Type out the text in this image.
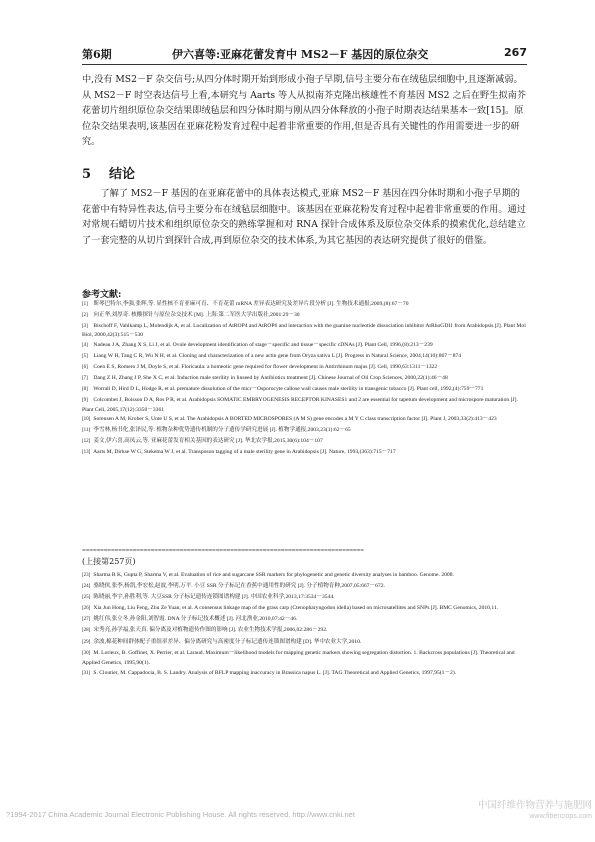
第6期	伊六喜等:亚麻花蕾发育中 MS2－F 基因的原位杂交	267

中,没有 MS2－F 杂交信号;从四分体时期开始到形成小孢子早期,信号主要分布在绒毡层细胞中,且逐渐减弱。从 MS2－F 时空表达信号上看,本研究与 Aarts 等人从拟南芥克隆出核雄性不育基因 MS2 之后在野生拟南芥花蕾切片组织原位杂交结果即绒毡层和四分体时期与刚从四分体释放的小孢子时期表达结果基本一致[15]。原位杂交结果表明,该基因在亚麻花粉发育过程中起着非常重要的作用,但是否具有关键性的作用需要进一步的研究。

5 结论

了解了 MS2－F 基因的在亚麻花蕾中的具体表达模式,亚麻 MS2－F 基因在四分体时期和小孢子早期的花蕾中有特异性表达,信号主要分布在绒毡层细胞中。该基因在亚麻花粉发育过程中起着非常重要的作用。通过对常规石蜡切片技术和组织原位杂交的熟练掌握和对 RNA 探针合成体系及原位杂交体系的摸索优化,总结建立了一套完整的从切片到探针合成,再到原位杂交的技术体系,为其它基因的表达研究提供了很好的借鉴。

参考文献:
[1] 斯琴巴特尔,李强,张辉,等. 显性核不育亚麻可育、不育花蕾 mRNA 差异表达研究及差异片段分析 [J]. 生物技术通报,2009,(8):67－70
[2] 向正华,刘厚奇. 核酸探针与原位杂交技术 [M]. 上海:第二军医大学出版社,2001:29－30
[3] Bischoff F, Vahlkamp L, Molendijk A, et al. Localization of AtROP4 and AtROP6 and interaction with the guanine nucleotide dissociation inhibitor AtRhoGDI1 from Arabidopsis [J]. Plant Mol Biol, 2000,42(3):515－530
[4] Nadeau J A, Zhang X S, Li J, et al. Ovule development identification of stage－specific and tissue－specific cDNAs [J]. Plant Cell, 1996,(8):213－239
[5] Liang W H, Tang C R, Wu N H, et al. Cloning and characterization of a new actin gene from Oryza sativa L [J]. Progress in Natural Science, 2004,14(10):867－874
[6] Coen E S, Romero J M, Doyle S, et al. Floricaula: a homeotic gene required for flower development in Antirrhinum majus [J]. Cell, 1990,63:1311－1322
[7] Dang Z H, Zhang J P, She X C, et al. Induction male sterility in linseed by Antibiotics treatment [J]. Chinese Journal of Oil Crop Sciences, 2000,22(1):46－48
[8] Worrall D, Hird D L, Hodge R, et al. premature dissolution of the micr－Osporocyte callose wall causes male sterility in transgenic tobacco [J]. Plant cell, 1992,(4):759－771
[9] Colcombet J, Boisson D A, Ros P R, et al. Arabidopsis SOMATIC EMBRYOGENESIS RECEPTOR KINASES1 and 2 are essential for tapetum development and microspore maturation [J]. Plant Cell, 2005,17(12):3350－3361
[10] Sorensen A M, Krober S, Unte U S, et al. The Arabidopsis A BORTED MICROSPORES (A M S) gene encodes a M Y C class transcription factor [J]. Plant J, 2003,33(2):413－423
[11] 李雪林,杨书化,张泽民,等. 植物杂种优势遗传机制的分子遗传学研究进展 [J]. 植物学通报,2003,23(1):62－65
[12] 姜文,伊六喜,高凤云,等. 亚麻花蕾发育相关基因的表达研究 [J]. 华北农学报,2015,30(6):104－107
[13] Aarts M, Dirkse W G, Stekema W J, et al. Transposon tagging of a male sterility gene in Arabidopsis [J]. Nature, 1993,(363):715－717
≈≈≈≈≈≈≈≈≈≈≈≈≈≈≈≈≈≈≈≈≈≈≈≈≈≈≈≈≈≈≈≈≈≈≈≈≈≈≈≈≈≈≈≈≈≈≈≈≈≈≈≈≈≈≈≈≈≈≈≈≈≈≈≈≈≈≈≈≈≈≈≈≈≈≈≈≈≈
(上接第257页)
[23] Sharma R K, Gupta P, Sharma V, et al. Evaluation of rice and sugarcane SSR markers for phylogenetic and genetic diversity analyses in bamboo. Genome. 2008.
[24] 骆晓侠,张李,杨凯,李宏松,赵波,李明,万平. 小豆 SSR 分子标记在香蕉中通用性的研究 [J]. 分子植物育种,2007,05:667－672.
[25] 陈晓丽,李宇,孙胜利,等. 大豆SSR 分子标记遗传连锁图谱构建 [J]. 中国农业科学,2013,17:3534－3544.
[26] Xia Jun Hong, Liu Feng, Zhu Ze Yuan, et al. A consensus linkage map of the grass carp (Ctenopharyngodon idella) based on microsatellites and SNPs [J]. BMC Genomics, 2010,11.
[27] 姚红伟,张立冬,孙金阳,刘智霞. DNA 分子标记技术概述 [J]. 河北渔业,2010,07:42－46.
[28] 宋秀亮,孙学福,张天真. 偏分离及对植物遗传作图的影响 [J]. 农业生物技术学报,2006,02:286－292.
[29] 余波,棉花种间群体配子重组率差异、偏分离研究与高密度分子标记遗传连锁图谱构建 [D]. 华中农业大学,2010.
[30] M. Lorieux, B. Goffinet, X. Perrier, et al. Laraud. Maximum－likelihood models for mapping genetic markers showing segregation distortion. 1. Backcross populations [J]. Theoretical and Applied Genetics, 1995,90(1).
[31] S. Cloutier, M. Cappadocia, B. S. Landry. Analysis of RFLP mapping inaccuracy in Brassica napus L. [J]. TAG Theoretical and Applied Genetics, 1997,95(1－2).
?1994-2017 China Academic Journal Electronic Publishing House. All rights reserved. http://www.cnki.net
中国纤维作物营养与施肥网
www.fibercrops.com
